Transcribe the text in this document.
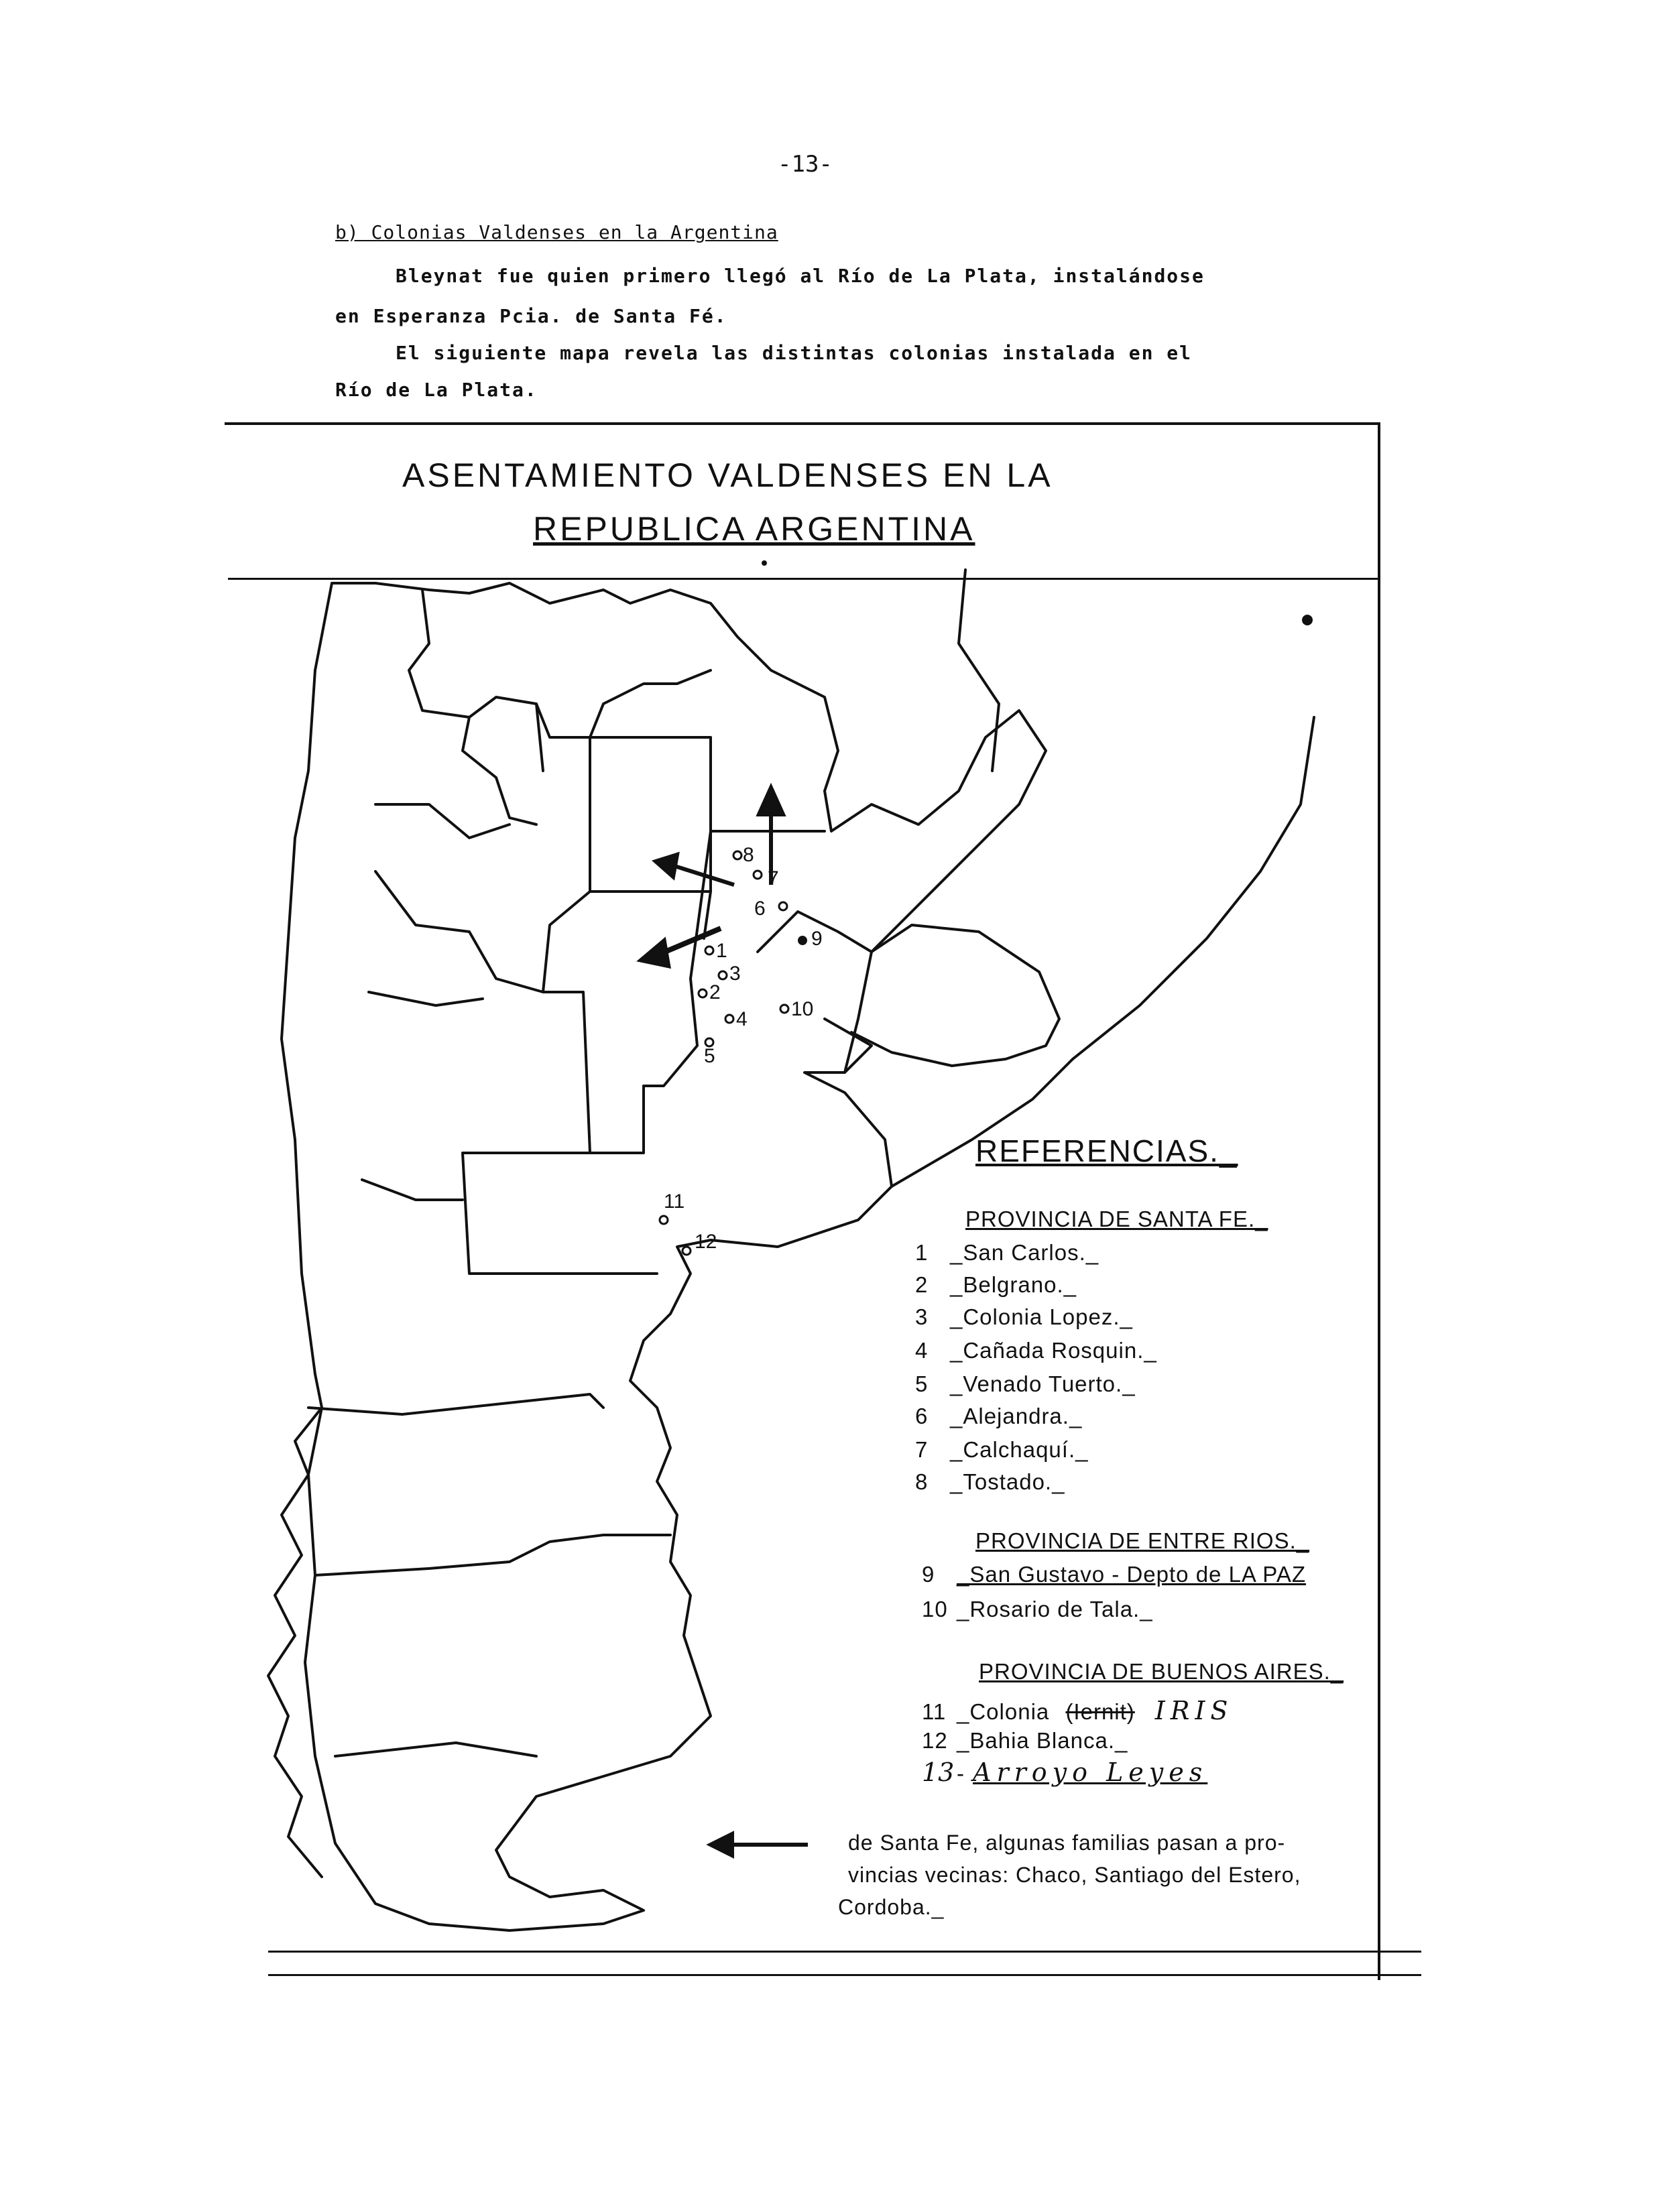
-13-
b) Colonias Valdenses en la Argentina
Bleynat fue quien primero llegó al Río de La Plata, instalándose
en Esperanza Pcia. de Santa Fé.
El siguiente mapa revela las distintas colonias instalada en el
Río de La Plata.
ASENTAMIENTO VALDENSES EN LA
REPUBLICA ARGENTINA
8
7
6
9
1
3
2
4
5
10
11
12
REFERENCIAS._
PROVINCIA DE SANTA FE._
1 _San Carlos._
2 _Belgrano._
3 _Colonia Lopez._
4 _Cañada Rosquin._
5 _Venado Tuerto._
6 _Alejandra._
7 _Calchaquí._
8 _Tostado._
PROVINCIA DE ENTRE RIOS._
9 _San Gustavo - Depto de LA PAZ
10 _Rosario de Tala._
PROVINCIA DE BUENOS AIRES._
11 _Colonia (Iernit) IRIS
12 _Bahia Blanca._
13 - Arroyo Leyes
de Santa Fe, algunas familias pasan a pro-
vincias vecinas: Chaco, Santiago del Estero,
Cordoba._
